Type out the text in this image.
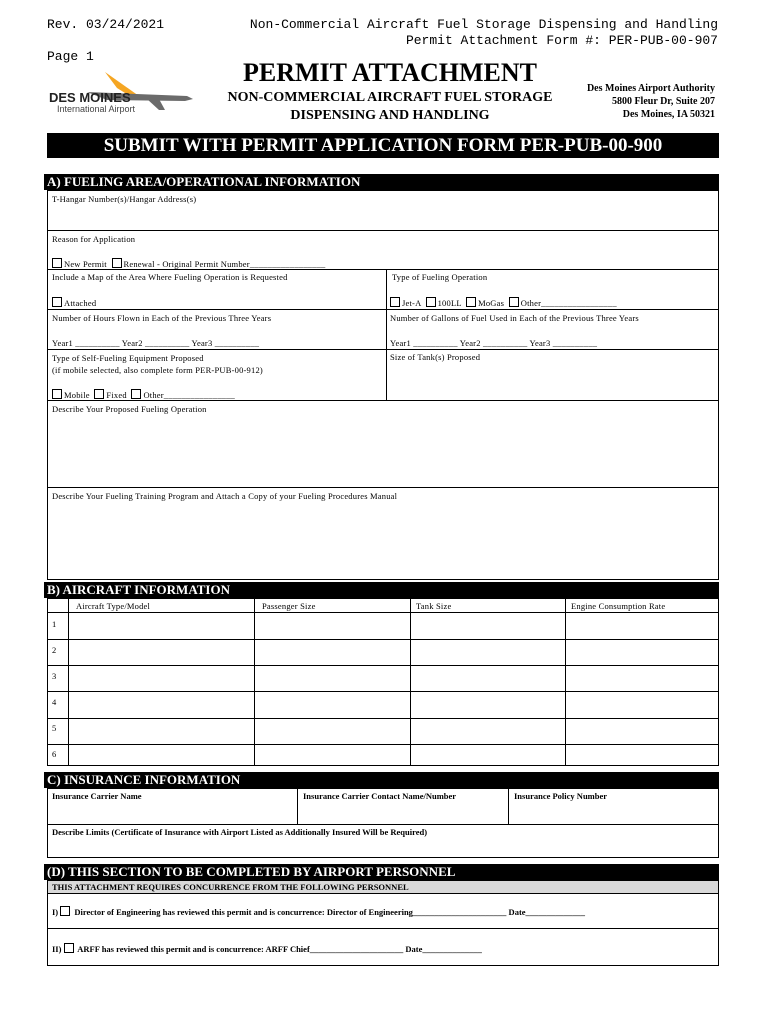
Rev. 03/24/2021
Page 1
Non-Commercial Aircraft Fuel Storage Dispensing and Handling
Permit Attachment Form #: PER-PUB-00-907
DES MOINES
International Airport
PERMIT ATTACHMENT
NON-COMMERCIAL AIRCRAFT FUEL STORAGE
DISPENSING AND HANDLING
Des Moines Airport Authority
5800 Fleur Dr, Suite 207
Des Moines, IA 50321
SUBMIT WITH PERMIT APPLICATION FORM PER-PUB-00-900
A) FUELING AREA/OPERATIONAL INFORMATION
T-Hangar Number(s)/Hangar Address(s)
Reason for Application
New Permit Renewal - Original Permit Number_________________
Include a Map of the Area Where Fueling Operation is Requested
Attached
Type of Fueling Operation
Jet-A 100LL MoGas Other_________________
Number of Hours Flown in Each of the Previous Three Years
Year1 __________ Year2 __________ Year3 __________
Number of Gallons of Fuel Used in Each of the Previous Three Years
Year1 __________ Year2 __________ Year3 __________
Type of Self-Fueling Equipment Proposed
(if mobile selected, also complete form PER-PUB-00-912)
Mobile Fixed Other________________
Size of Tank(s) Proposed
Describe Your Proposed Fueling Operation
Describe Your Fueling Training Program and Attach a Copy of your Fueling Procedures Manual
B) AIRCRAFT INFORMATION
Aircraft Type/Model	Passenger Size	Tank Size	Engine Consumption Rate
1
2
3
4
5
6
C) INSURANCE INFORMATION
Insurance Carrier Name	Insurance Carrier Contact Name/Number	Insurance Policy Number
Describe Limits (Certificate of Insurance with Airport Listed as Additionally Insured Will be Required)
(D) THIS SECTION TO BE COMPLETED BY AIRPORT PERSONNEL
THIS ATTACHMENT REQUIRES CONCURRENCE FROM THE FOLLOWING PERSONNEL
I) Director of Engineering has reviewed this permit and is concurrence: Director of Engineering______________________ Date______________
II) ARFF has reviewed this permit and is concurrence: ARFF Chief______________________ Date______________
